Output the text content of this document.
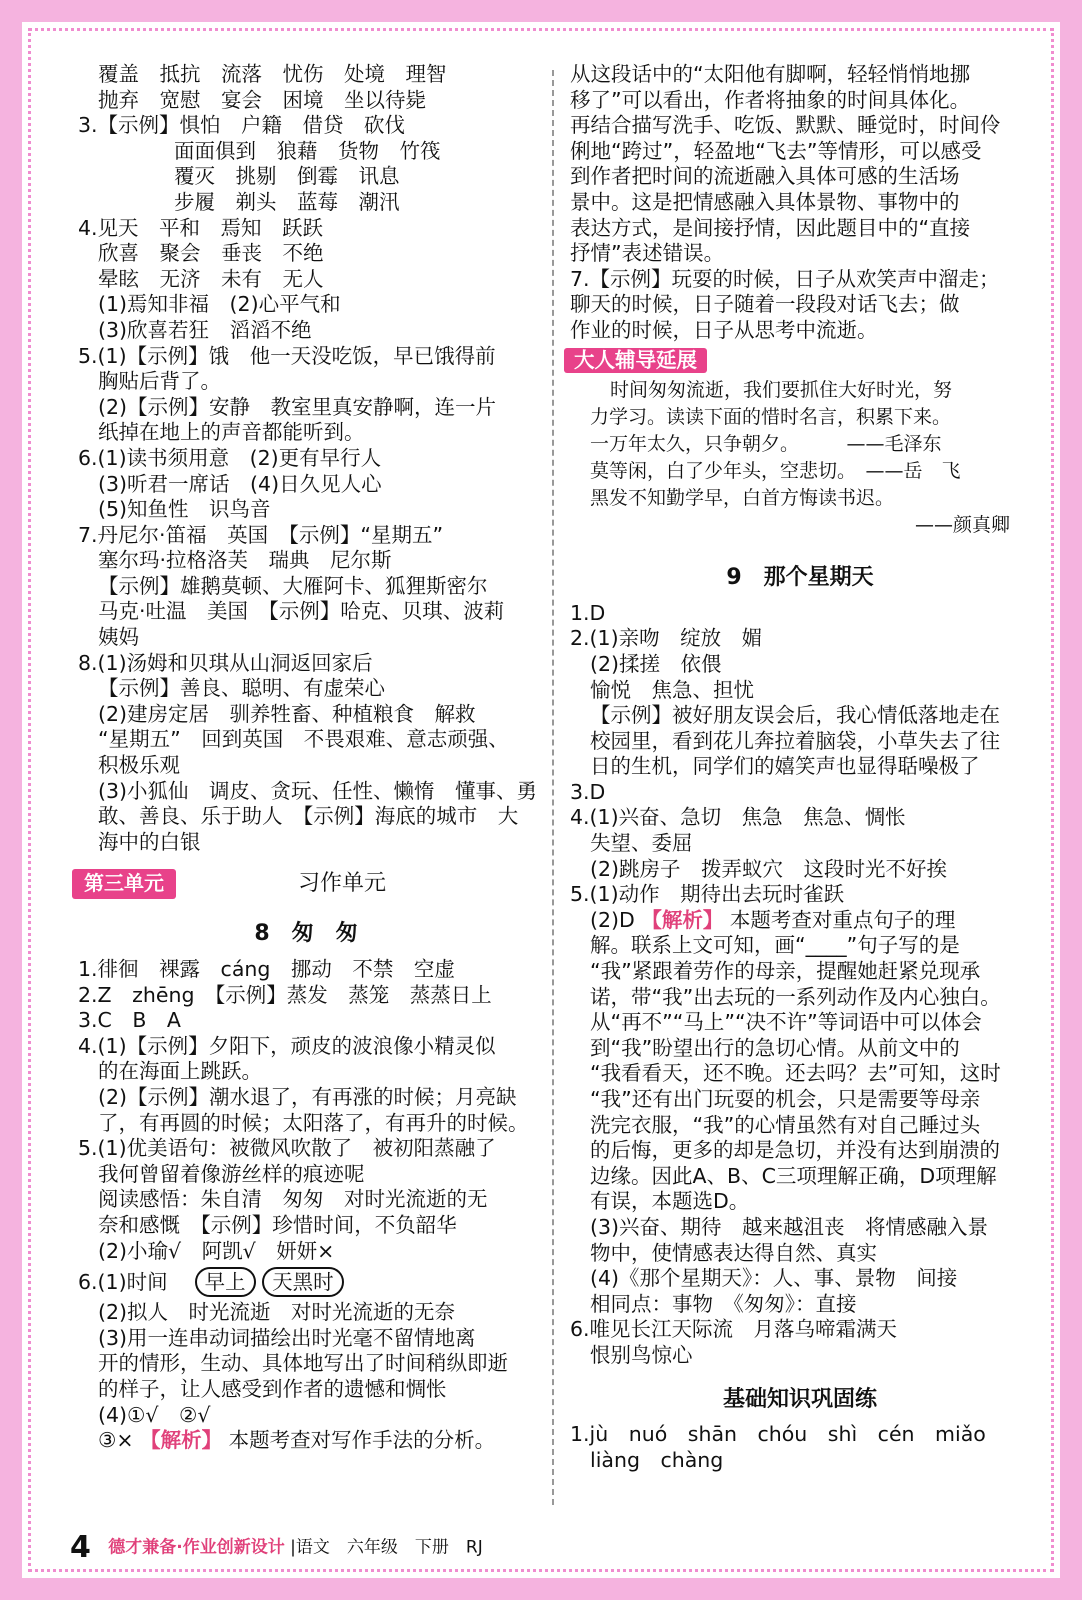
覆盖　抵抗　流落　忧伤　处境　理智
抛弃　宽慰　宴会　困境　坐以待毙
3.【示例】惧怕　户籍　借贷　砍伐
面面俱到　狼藉　货物　竹筏
覆灭　挑剔　倒霉　讯息
步履　剃头　蓝莓　潮汛
4.见天　平和　焉知　跃跃
欣喜　聚会　垂丧　不绝
晕眩　无济　未有　无人
(1)焉知非福　(2)心平气和
(3)欣喜若狂　滔滔不绝
5.(1)【示例】饿　他一天没吃饭，早已饿得前
胸贴后背了。
(2)【示例】安静　教室里真安静啊，连一片
纸掉在地上的声音都能听到。
6.(1)读书须用意　(2)更有早行人
(3)听君一席话　(4)日久见人心
(5)知鱼性　识鸟音
7.丹尼尔·笛福　英国　【示例】“星期五”
塞尔玛·拉格洛芙　瑞典　尼尔斯
【示例】雄鹅莫顿、大雁阿卡、狐狸斯密尔
马克·吐温　美国　【示例】哈克、贝琪、波莉
姨妈
8.(1)汤姆和贝琪从山洞返回家后
【示例】善良、聪明、有虚荣心
(2)建房定居　驯养牲畜、种植粮食　解救
“星期五”　回到英国　不畏艰难、意志顽强、
积极乐观
(3)小狐仙　调皮、贪玩、任性、懒惰　懂事、勇
敢、善良、乐于助人　【示例】海底的城市　大
海中的白银
第三单元	习作单元
8　匆　匆
1.徘徊　裸露　cáng　挪动　不禁　空虚
2.Z　zhēng　【示例】蒸发　蒸笼　蒸蒸日上
3.C　B　A
4.(1)【示例】夕阳下，顽皮的波浪像小精灵似
的在海面上跳跃。
(2)【示例】潮水退了，有再涨的时候；月亮缺
了，有再圆的时候；太阳落了，有再升的时候。
5.(1)优美语句：被微风吹散了　被初阳蒸融了
我何曾留着像游丝样的痕迹呢
阅读感悟：朱自清　匆匆　对时光流逝的无
奈和感慨　【示例】珍惜时间，不负韶华
(2)小瑜√　阿凯√　妍妍×
6.(1)时间　 早上 天黑时
(2)拟人　时光流逝　对时光流逝的无奈
(3)用一连串动词描绘出时光毫不留情地离
开的情形，生动、具体地写出了时间稍纵即逝
的样子，让人感受到作者的遗憾和惆怅
(4)①√　②√
③× 【解析】 本题考查对写作手法的分析。
从这段话中的“太阳他有脚啊，轻轻悄悄地挪
移了”可以看出，作者将抽象的时间具体化。
再结合描写洗手、吃饭、默默、睡觉时，时间伶
俐地“跨过”，轻盈地“飞去”等情形，可以感受
到作者把时间的流逝融入具体可感的生活场
景中。这是把情感融入具体景物、事物中的
表达方式，是间接抒情，因此题目中的“直接
抒情”表述错误。
7.【示例】玩耍的时候，日子从欢笑声中溜走；
聊天的时候，日子随着一段段对话飞去；做
作业的时候，日子从思考中流逝。
大人辅导延展
时间匆匆流逝，我们要抓住大好时光，努
力学习。读读下面的惜时名言，积累下来。
一万年太久，只争朝夕。　　　——毛泽东
莫等闲，白了少年头，空悲切。　——岳　飞
黑发不知勤学早，白首方悔读书迟。
——颜真卿
9　那个星期天
1.D
2.(1)亲吻　绽放　媚
(2)揉搓　依偎
愉悦　焦急、担忧
【示例】被好朋友误会后，我心情低落地走在
校园里，看到花儿奔拉着脑袋，小草失去了往
日的生机，同学们的嬉笑声也显得聒噪极了
3.D
4.(1)兴奋、急切　焦急　焦急、惆怅
失望、委屈
(2)跳房子　拨弄蚁穴　这段时光不好挨
5.(1)动作　期待出去玩时雀跃
(2)D 【解析】 本题考查对重点句子的理
解。联系上文可知，画“____”句子写的是
“我”紧跟着劳作的母亲，提醒她赶紧兑现承
诺，带“我”出去玩的一系列动作及内心独白。
从“再不”“马上”“决不许”等词语中可以体会
到“我”盼望出行的急切心情。从前文中的
“我看看天，还不晚。还去吗？去”可知，这时
“我”还有出门玩耍的机会，只是需要等母亲
洗完衣服，“我”的心情虽然有对自己睡过头
的后悔，更多的却是急切，并没有达到崩溃的
边缘。因此A、B、C三项理解正确，D项理解
有误，本题选D。
(3)兴奋、期待　越来越沮丧　将情感融入景
物中，使情感表达得自然、真实
(4)《那个星期天》：人、事、景物　间接
相同点：事物　《匆匆》：直接
6.唯见长江天际流　月落乌啼霜满天
恨别鸟惊心
基础知识巩固练
1.jù　nuó　shān　chóu　shì　cén　miǎo
liàng　chàng
4 德才兼备·作业创新设计 |语文　六年级　下册　RJ
